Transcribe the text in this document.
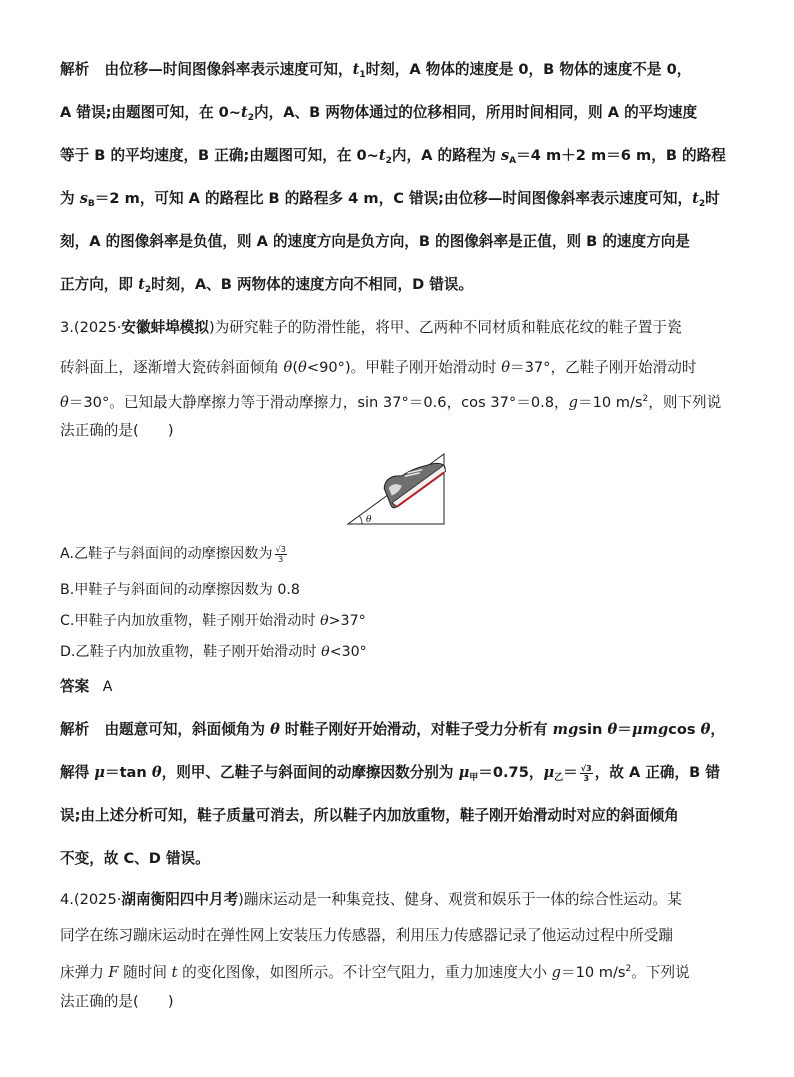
解析 由位移—时间图像斜率表示速度可知，$t_1$时刻，A 物体的速度是 0，B 物体的速度不是 0，
A 错误;由题图可知，在 $0\sim t_2$内，A、B 两物体通过的位移相同，所用时间相同，则 A 的平均速度
等于 B 的平均速度，B 正确;由题图可知，在 $0\sim t_2$内，A 的路程为 $s_A=4$ m＋2 m＝6 m，B 的路程
为 $s_B=2$ m，可知 A 的路程比 B 的路程多 4 m，C 错误;由位移—时间图像斜率表示速度可知，$t_2$时
刻，A 的图像斜率是负值，则 A 的速度方向是负方向，B 的图像斜率是正值，则 B 的速度方向是
正方向，即 $t_2$时刻，A、B 两物体的速度方向不相同，D 错误。
3.(2025·安徽蚌埠模拟)为研究鞋子的防滑性能，将甲、乙两种不同材质和鞋底花纹的鞋子置于瓷
砖斜面上，逐渐增大瓷砖斜面倾角 θ(θ<90°)。甲鞋子刚开始滑动时 θ＝37°，乙鞋子刚开始滑动时
θ＝30°。已知最大静摩擦力等于滑动摩擦力，sin 37°＝0.6，cos 37°＝0.8，g＝10 $m/s^2$，则下列说
法正确的是(　　)
θ
A.乙鞋子与斜面间的动摩擦因数为 $\frac{√3}{3}$
B.甲鞋子与斜面间的动摩擦因数为 0.8
C.甲鞋子内加放重物，鞋子刚开始滑动时 θ>37°
D.乙鞋子内加放重物，鞋子刚开始滑动时 θ<30°
答案 A
解析 由题意可知，斜面倾角为 θ 时鞋子刚好开始滑动，对鞋子受力分析有 mgsin θ＝μmgcos θ，
解得 μ＝tan θ，则甲、乙鞋子与斜面间的动摩擦因数分别为 $\mu_甲=0.75$，$\mu_乙= \frac{√3}{3}$ ，故 A 正确，B 错
误;由上述分析可知，鞋子质量可消去，所以鞋子内加放重物，鞋子刚开始滑动时对应的斜面倾角
不变，故 C、D 错误。
4.(2025·湖南衡阳四中月考)蹦床运动是一种集竞技、健身、观赏和娱乐于一体的综合性运动。某
同学在练习蹦床运动时在弹性网上安装压力传感器，利用压力传感器记录了他运动过程中所受蹦
床弹力 F 随时间 t 的变化图像，如图所示。不计空气阻力，重力加速度大小 g＝10 $m/s^2$。下列说
法正确的是(　　)
